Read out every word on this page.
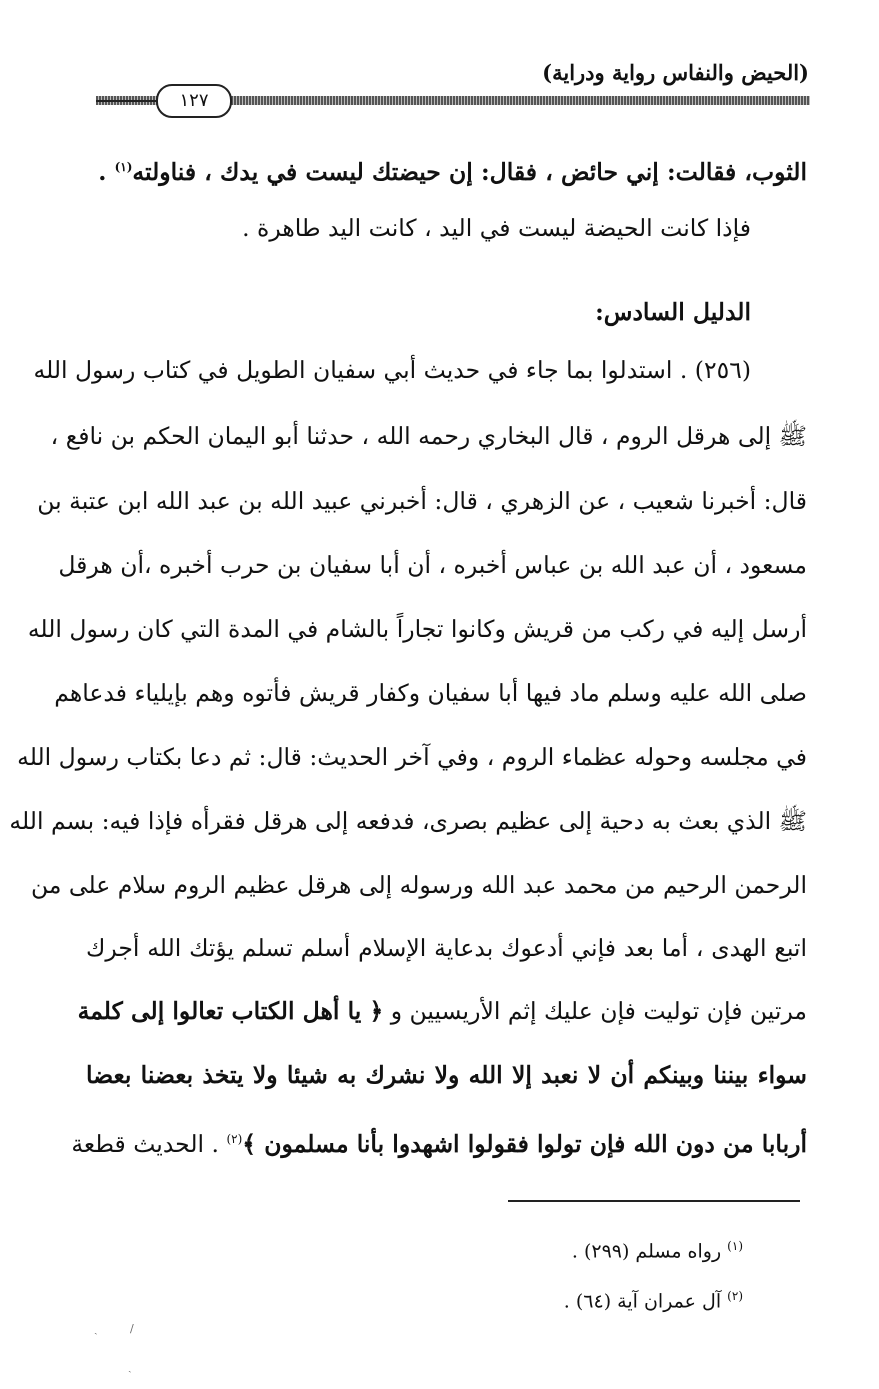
(الحيض والنفاس رواية ودراية)
١٢٧
الثوب، فقالت: إني حائض ، فقال: إن حيضتك ليست في يدك ، فناولته$^{(١)}$ .
فإذا كانت الحيضة ليست في اليد ، كانت اليد طاهرة .
الدليل السادس:
(٢٥٦) . استدلوا بما جاء في حديث أبي سفيان الطويل في كتاب رسول الله
ﷺ إلى هرقل الروم ، قال البخاري رحمه الله ، حدثنا أبو اليمان الحكم بن نافع ،
قال: أخبرنا شعيب ، عن الزهري ، قال: أخبرني عبيد الله بن عبد الله ابن عتبة بن
مسعود ، أن عبد الله بن عباس أخبره ، أن أبا سفيان بن حرب أخبره ،أن هرقل
أرسل إليه في ركب من قريش وكانوا تجاراً بالشام في المدة التي كان رسول الله
صلى الله عليه وسلم ماد فيها أبا سفيان وكفار قريش فأتوه وهم بإيلياء فدعاهم
في مجلسه وحوله عظماء الروم ، وفي آخر الحديث: قال: ثم دعا بكتاب رسول الله
ﷺ الذي بعث به دحية إلى عظيم بصرى، فدفعه إلى هرقل فقرأه فإذا فيه: بسم الله
الرحمن الرحيم من محمد عبد الله ورسوله إلى هرقل عظيم الروم سلام على من
اتبع الهدى ، أما بعد فإني أدعوك بدعاية الإسلام أسلم تسلم يؤتك الله أجرك
مرتين فإن توليت فإن عليك إثم الأريسيين و ﴿ يا أهل الكتاب تعالوا إلى كلمة
سواء بيننا وبينكم أن لا نعبد إلا الله ولا نشرك به شيئا ولا يتخذ بعضنا بعضا
أربابا من دون الله فإن تولوا فقولوا اشهدوا بأنا مسلمون ﴾$^{(٢)}$ . الحديث قطعة
$^{(١)}$ رواه مسلم (٢٩٩) .
$^{(٢)}$ آل عمران آية (٦٤) .
ˏ	/
ˏ
